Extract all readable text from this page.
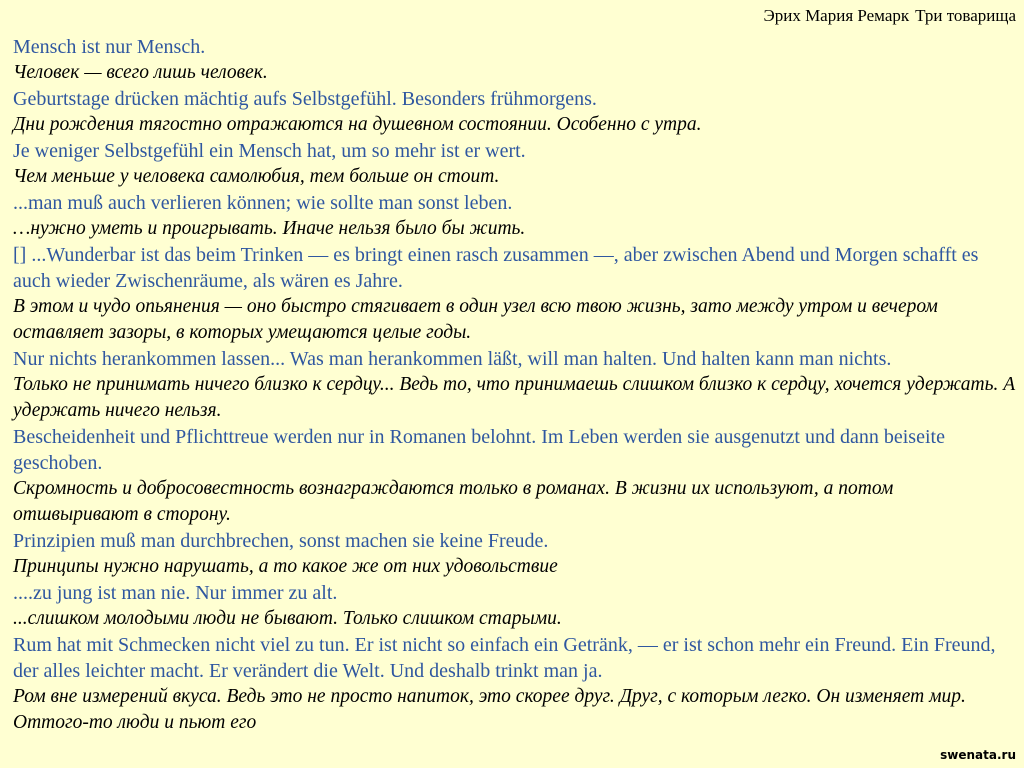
Эрих Мария Ремарк Три товарища

Mensch ist nur Mensch.

Человек — всего лишь человек.

Geburtstage drücken mächtig aufs Selbstgefühl. Besonders frühmorgens.

Дни рождения тягостно отражаются на душевном состоянии. Особенно с утра.

Je weniger Selbstgefühl ein Mensch hat, um so mehr ist er wert.

Чем меньше у человека самолюбия, тем больше он стоит.

...man muß auch verlieren können; wie sollte man sonst leben.

…нужно уметь и проигрывать. Иначе нельзя было бы жить.

[] ...Wunderbar ist das beim Trinken — es bringt einen rasch zusammen —, aber zwischen Abend und Morgen schafft es auch wieder Zwischenräume, als wären es Jahre.

В этом и чудо опьянения — оно быстро стягивает в один узел всю твою жизнь, зато между утром и вечером оставляет зазоры, в которых умещаются целые годы.

Nur nichts herankommen lassen... Was man herankommen läßt, will man halten. Und halten kann man nichts.

Только не принимать ничего близко к сердцу... Ведь то, что принимаешь слишком близко к сердцу, хочется удержать. А удержать ничего нельзя.

Bescheidenheit und Pflichttreue werden nur in Romanen belohnt. Im Leben werden sie ausgenutzt und dann beiseite geschoben.

Скромность и добросовестность вознаграждаются только в романах. В жизни их используют, а потом отшвыривают в сторону.

Prinzipien muß man durchbrechen, sonst machen sie keine Freude.

Принципы нужно нарушать, а то какое же от них удовольствие

....zu jung ist man nie. Nur immer zu alt.

...слишком молодыми люди не бывают. Только слишком старыми.

Rum hat mit Schmecken nicht viel zu tun. Er ist nicht so einfach ein Getränk, — er ist schon mehr ein Freund. Ein Freund, der alles leichter macht. Er verändert die Welt. Und deshalb trinkt man ja.

Ром вне измерений вкуса. Ведь это не просто напиток, это скорее друг. Друг, с которым легко. Он изменяет мир. Оттого-то люди и пьют его

swenata.ru
